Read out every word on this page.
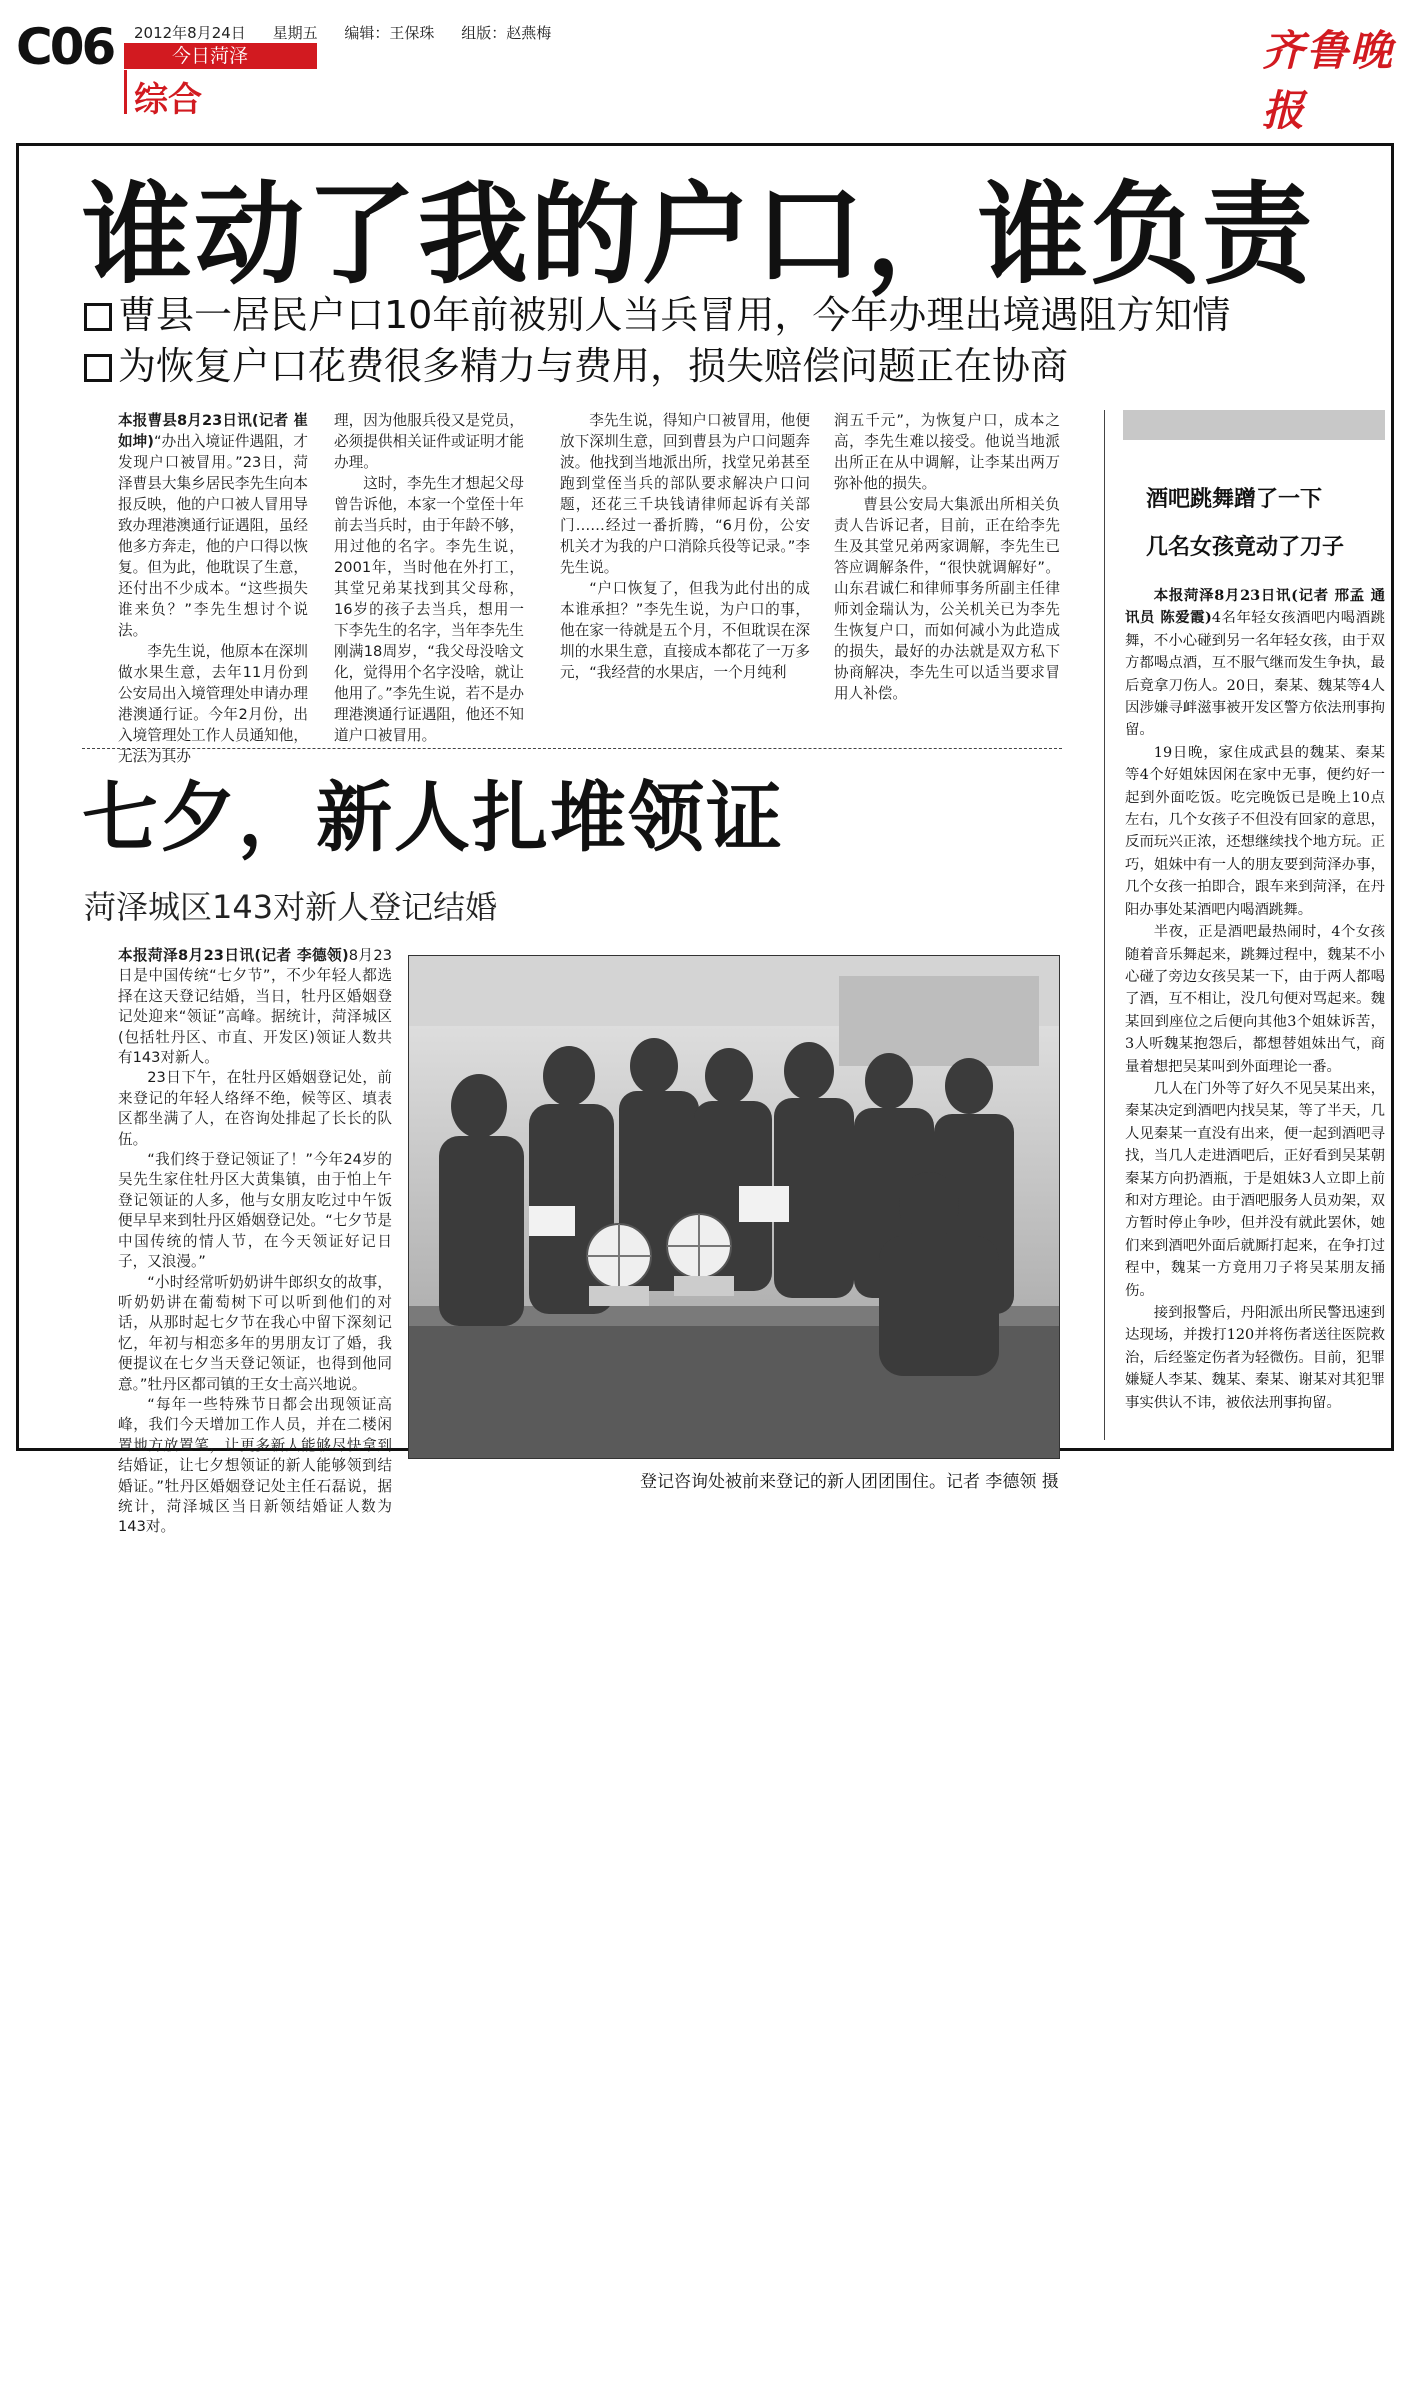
C06 2012年8月24日 星期五 编辑：王保珠 组版：赵燕梅
今日菏泽
综合
齐鲁晚报
谁动了我的户口，谁负责
曹县一居民户口10年前被别人当兵冒用，今年办理出境遇阻方知情
为恢复户口花费很多精力与费用，损失赔偿问题正在协商

本报曹县8月23日讯(记者 崔如坤)“办出入境证件遇阻，才发现户口被冒用。”23日，菏泽曹县大集乡居民李先生向本报反映，他的户口被人冒用导致办理港澳通行证遇阻，虽经他多方奔走，他的户口得以恢复。但为此，他耽误了生意，还付出不少成本。“这些损失谁来负？”李先生想讨个说法。

李先生说，他原本在深圳做水果生意，去年11月份到公安局出入境管理处申请办理港澳通行证。今年2月份，出入境管理处工作人员通知他，无法为其办

理，因为他服兵役又是党员，必须提供相关证件或证明才能办理。

这时，李先生才想起父母曾告诉他，本家一个堂侄十年前去当兵时，由于年龄不够，用过他的名字。李先生说，2001年，当时他在外打工，其堂兄弟某找到其父母称，16岁的孩子去当兵，想用一下李先生的名字，当年李先生刚满18周岁，“我父母没啥文化，觉得用个名字没啥，就让他用了。”李先生说，若不是办理港澳通行证遇阻，他还不知道户口被冒用。

李先生说，得知户口被冒用，他便放下深圳生意，回到曹县为户口问题奔波。他找到当地派出所，找堂兄弟甚至跑到堂侄当兵的部队要求解决户口问题，还花三千块钱请律师起诉有关部门……经过一番折腾，“6月份，公安机关才为我的户口消除兵役等记录。”李先生说。

“户口恢复了，但我为此付出的成本谁承担？”李先生说，为户口的事，他在家一待就是五个月，不但耽误在深圳的水果生意，直接成本都花了一万多元，“我经营的水果店，一个月纯利

润五千元”，为恢复户口，成本之高，李先生难以接受。他说当地派出所正在从中调解，让李某出两万弥补他的损失。

曹县公安局大集派出所相关负责人告诉记者，目前，正在给李先生及其堂兄弟两家调解，李先生已答应调解条件，“很快就调解好”。山东君诚仁和律师事务所副主任律师刘金瑞认为，公关机关已为李先生恢复户口，而如何减小为此造成的损失，最好的办法就是双方私下协商解决，李先生可以适当要求冒用人补偿。

七夕，新人扎堆领证
菏泽城区143对新人登记结婚

本报菏泽8月23日讯(记者 李德领)8月23日是中国传统“七夕节”，不少年轻人都选择在这天登记结婚，当日，牡丹区婚姻登记处迎来“领证”高峰。据统计，菏泽城区(包括牡丹区、市直、开发区)领证人数共有143对新人。

23日下午，在牡丹区婚姻登记处，前来登记的年轻人络绎不绝，候等区、填表区都坐满了人，在咨询处排起了长长的队伍。

“我们终于登记领证了！”今年24岁的吴先生家住牡丹区大黄集镇，由于怕上午登记领证的人多，他与女朋友吃过中午饭便早早来到牡丹区婚姻登记处。“七夕节是中国传统的情人节，在今天领证好记日子，又浪漫。”

“小时经常听奶奶讲牛郎织女的故事，听奶奶讲在葡萄树下可以听到他们的对话，从那时起七夕节在我心中留下深刻记忆，年初与相恋多年的男朋友订了婚，我便提议在七夕当天登记领证，也得到他同意。”牡丹区都司镇的王女士高兴地说。

“每年一些特殊节日都会出现领证高峰，我们今天增加工作人员，并在二楼闲置地方放置笔，让更多新人能够尽快拿到结婚证，让七夕想领证的新人能够领到结婚证。”牡丹区婚姻登记处主任石磊说，据统计，菏泽城区当日新领结婚证人数为143对。

登记咨询处被前来登记的新人团团围住。记者 李德领 摄
酒吧跳舞蹭了一下
几名女孩竟动了刀子

本报菏泽8月23日讯(记者 邢孟 通讯员 陈爱霞)4名年轻女孩酒吧内喝酒跳舞，不小心碰到另一名年轻女孩，由于双方都喝点酒，互不服气继而发生争执，最后竟拿刀伤人。20日，秦某、魏某等4人因涉嫌寻衅滋事被开发区警方依法刑事拘留。

19日晚，家住成武县的魏某、秦某等4个好姐妹因闲在家中无事，便约好一起到外面吃饭。吃完晚饭已是晚上10点左右，几个女孩子不但没有回家的意思，反而玩兴正浓，还想继续找个地方玩。正巧，姐妹中有一人的朋友要到菏泽办事，几个女孩一拍即合，跟车来到菏泽，在丹阳办事处某酒吧内喝酒跳舞。

半夜，正是酒吧最热闹时，4个女孩随着音乐舞起来，跳舞过程中，魏某不小心碰了旁边女孩吴某一下，由于两人都喝了酒，互不相让，没几句便对骂起来。魏某回到座位之后便向其他3个姐妹诉苦，3人听魏某抱怨后，都想替姐妹出气，商量着想把吴某叫到外面理论一番。

几人在门外等了好久不见吴某出来，秦某决定到酒吧内找吴某，等了半天，几人见秦某一直没有出来，便一起到酒吧寻找，当几人走进酒吧后，正好看到吴某朝秦某方向扔酒瓶，于是姐妹3人立即上前和对方理论。由于酒吧服务人员劝架，双方暂时停止争吵，但并没有就此罢休，她们来到酒吧外面后就厮打起来，在争打过程中，魏某一方竟用刀子将吴某朋友捅伤。

接到报警后，丹阳派出所民警迅速到达现场，并拨打120并将伤者送往医院救治，后经鉴定伤者为轻微伤。目前，犯罪嫌疑人李某、魏某、秦某、谢某对其犯罪事实供认不讳，被依法刑事拘留。
